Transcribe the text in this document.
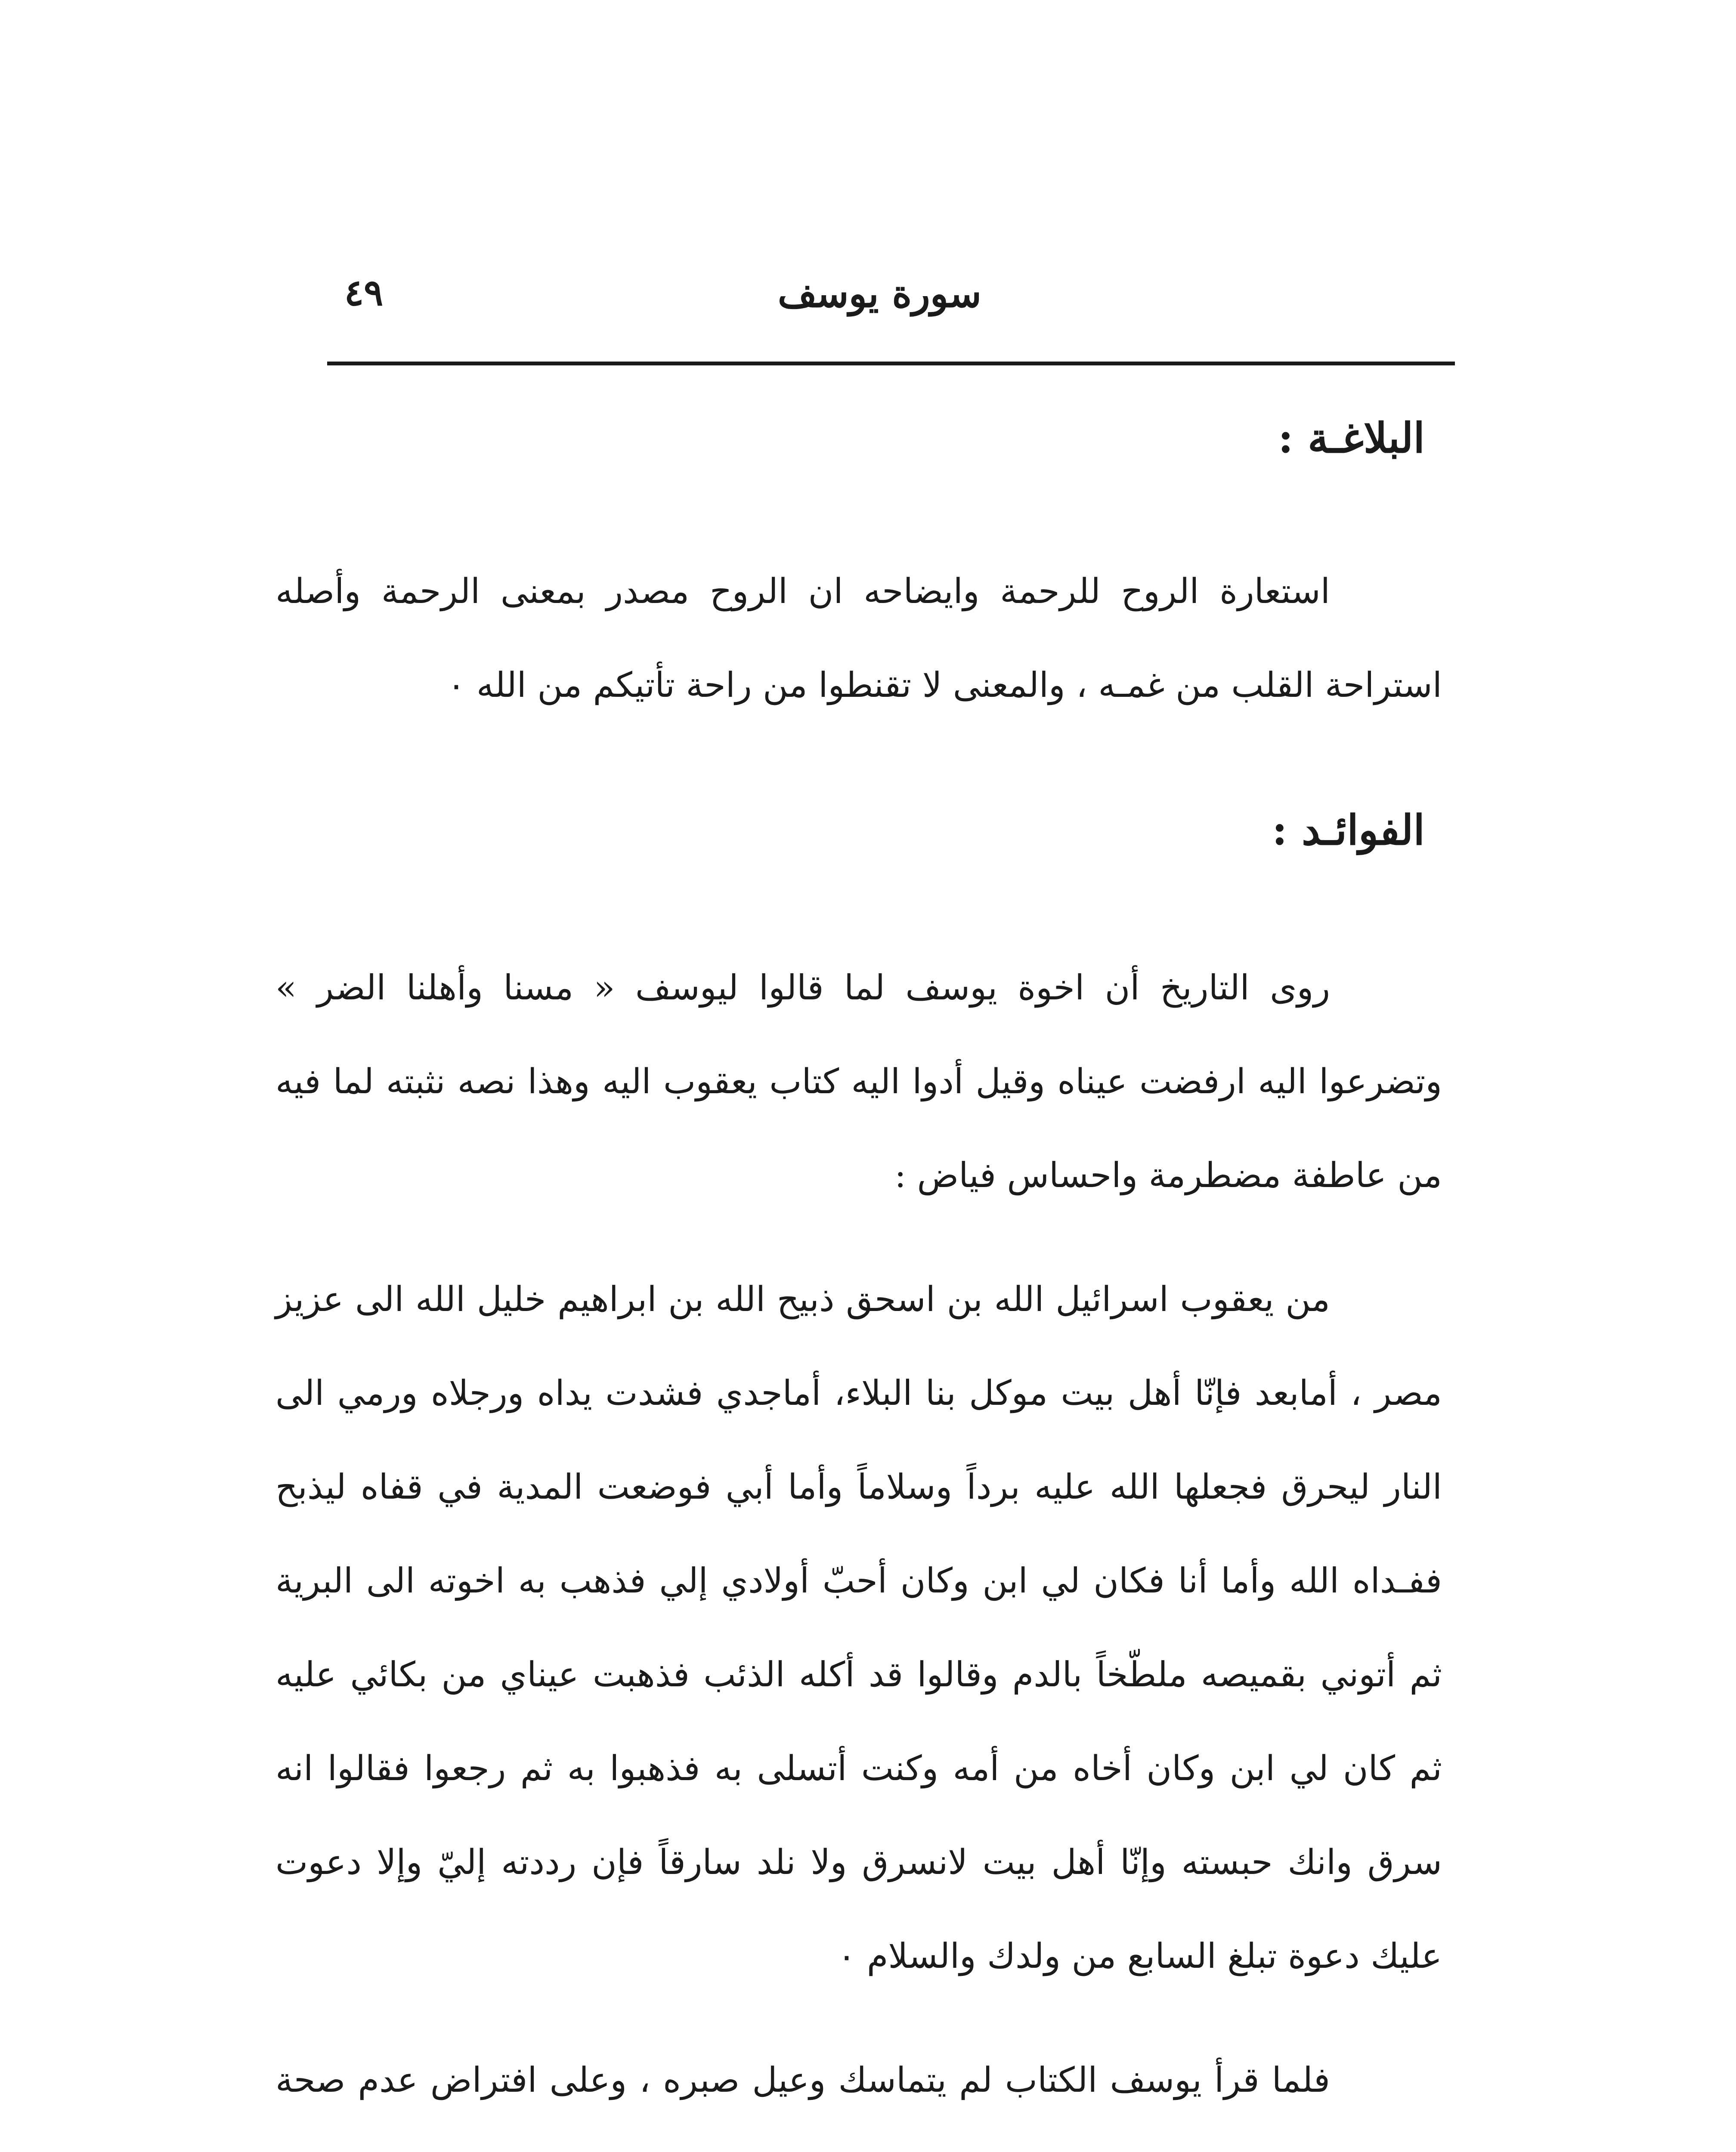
سورة يوسف
٤٩
البلاغـة :

استعارة الروح للرحمة وايضاحه ان الروح مصدر بمعنى الرحمة وأصله استراحة القلب من غمـه ، والمعنى لا تقنطوا من راحة تأتيكم من الله ٠

الفوائـد :

روى التاريخ أن اخوة يوسف لما قالوا ليوسف « مسنا وأهلنا الضر » وتضرعوا اليه ارفضت عيناه وقيل أدوا اليه كتاب يعقوب اليه وهذا نصه نثبته لما فيه من عاطفة مضطرمة واحساس فياض :

من يعقوب اسرائيل الله بن اسحق ذبيح الله بن ابراهيم خليل الله الى عزيز مصر ، أمابعد فإنّا أهل بيت موكل بنا البلاء، أماجدي فشدت يداه ورجلاه ورمي الى النار ليحرق فجعلها الله عليه برداً وسلاماً وأما أبي فوضعت المدية في قفاه ليذبح ففـداه الله وأما أنا فكان لي ابن وكان أحبّ أولادي إلي فذهب به اخوته الى البرية ثم أتوني بقميصه ملطّخاً بالدم وقالوا قد أكله الذئب فذهبت عيناي من بكائي عليه ثم كان لي ابن وكان أخاه من أمه وكنت أتسلى به فذهبوا به ثم رجعوا فقالوا انه سرق وانك حبسته وإنّا أهل بيت لانسرق ولا نلد سارقاً فإن رددته إليّ وإلا دعوت عليك دعوة تبلغ السابع من ولدك والسلام ٠

فلما قرأ يوسف الكتاب لم يتماسك وعيل صبره ، وعلى افتراض عدم صحة
